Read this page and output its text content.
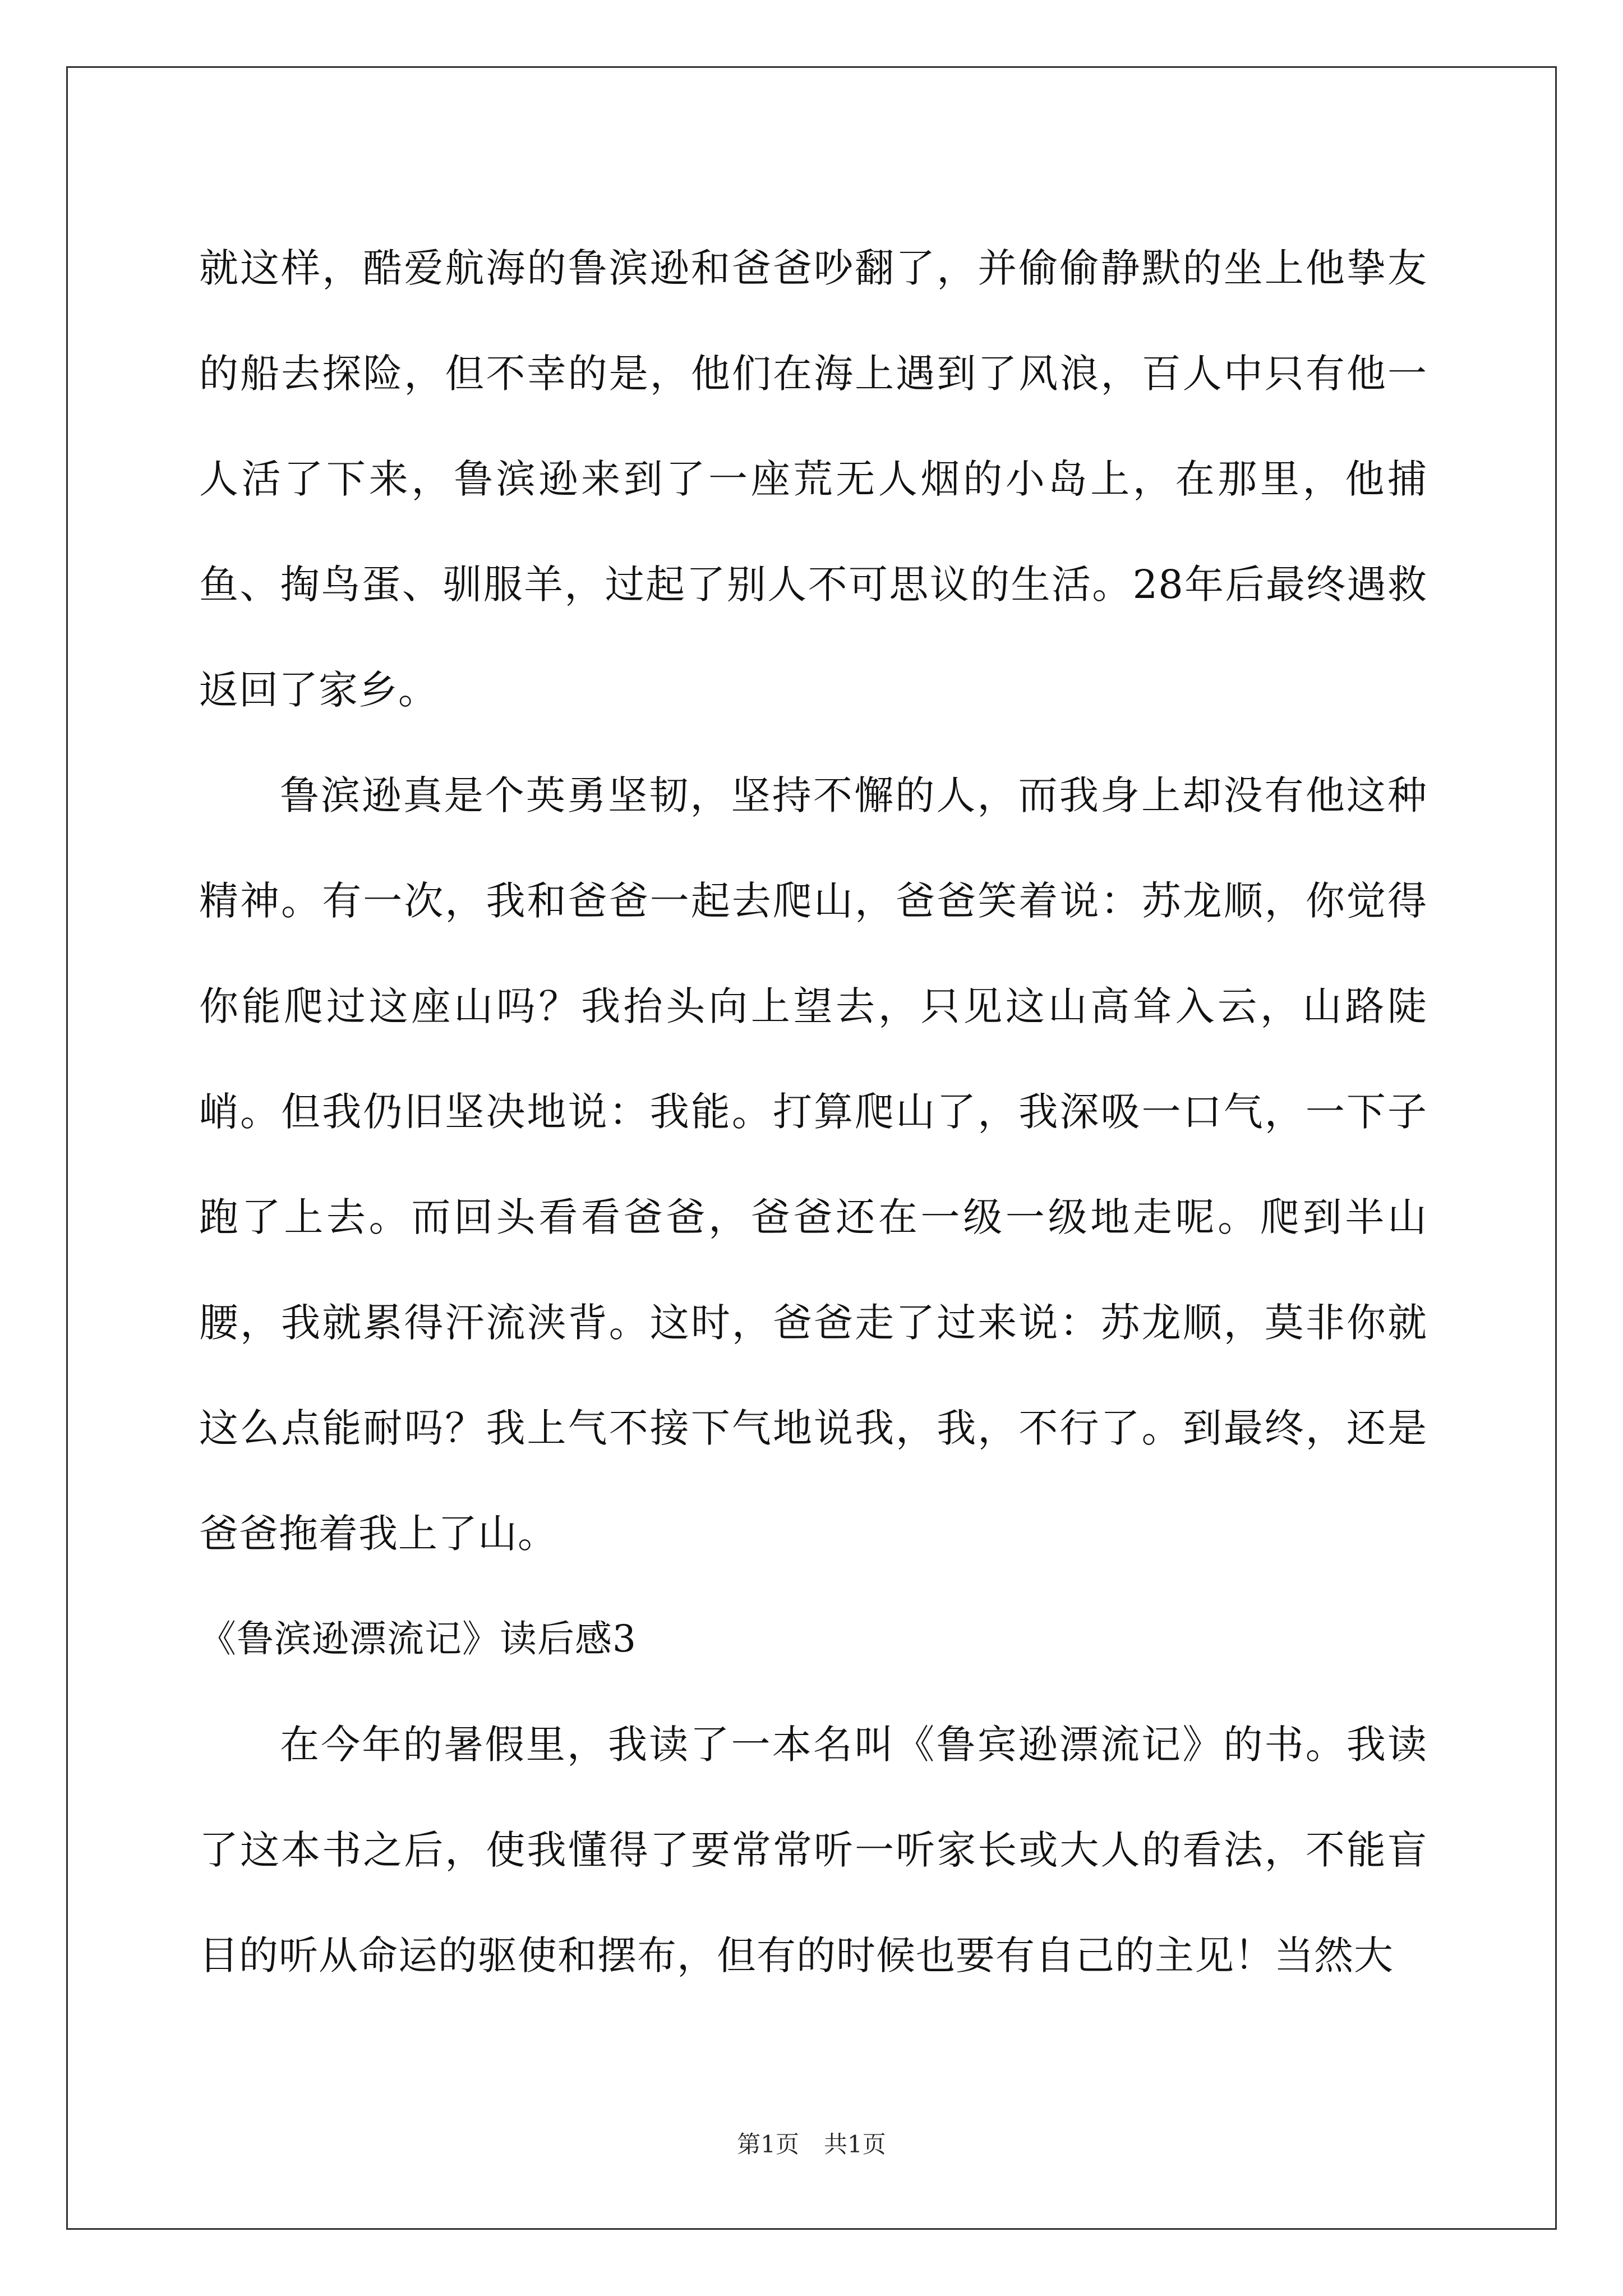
就这样，酷爱航海的鲁滨逊和爸爸吵翻了，并偷偷静默的坐上他挚友的船去探险，但不幸的是，他们在海上遇到了风浪，百人中只有他一人活了下来，鲁滨逊来到了一座荒无人烟的小岛上，在那里，他捕鱼、掏鸟蛋、驯服羊，过起了别人不可思议的生活。28年后最终遇救返回了家乡。

鲁滨逊真是个英勇坚韧，坚持不懈的人，而我身上却没有他这种精神。有一次，我和爸爸一起去爬山，爸爸笑着说：苏龙顺，你觉得你能爬过这座山吗？我抬头向上望去，只见这山高耸入云，山路陡峭。但我仍旧坚决地说：我能。打算爬山了，我深吸一口气，一下子跑了上去。而回头看看爸爸，爸爸还在一级一级地走呢。爬到半山腰，我就累得汗流浃背。这时，爸爸走了过来说：苏龙顺，莫非你就这么点能耐吗？我上气不接下气地说我，我，不行了。到最终，还是爸爸拖着我上了山。

《鲁滨逊漂流记》读后感3

在今年的暑假里，我读了一本名叫《鲁宾逊漂流记》的书。我读了这本书之后，使我懂得了要常常听一听家长或大人的看法，不能盲目的听从命运的驱使和摆布，但有的时候也要有自己的主见！当然大

第1页 共1页
